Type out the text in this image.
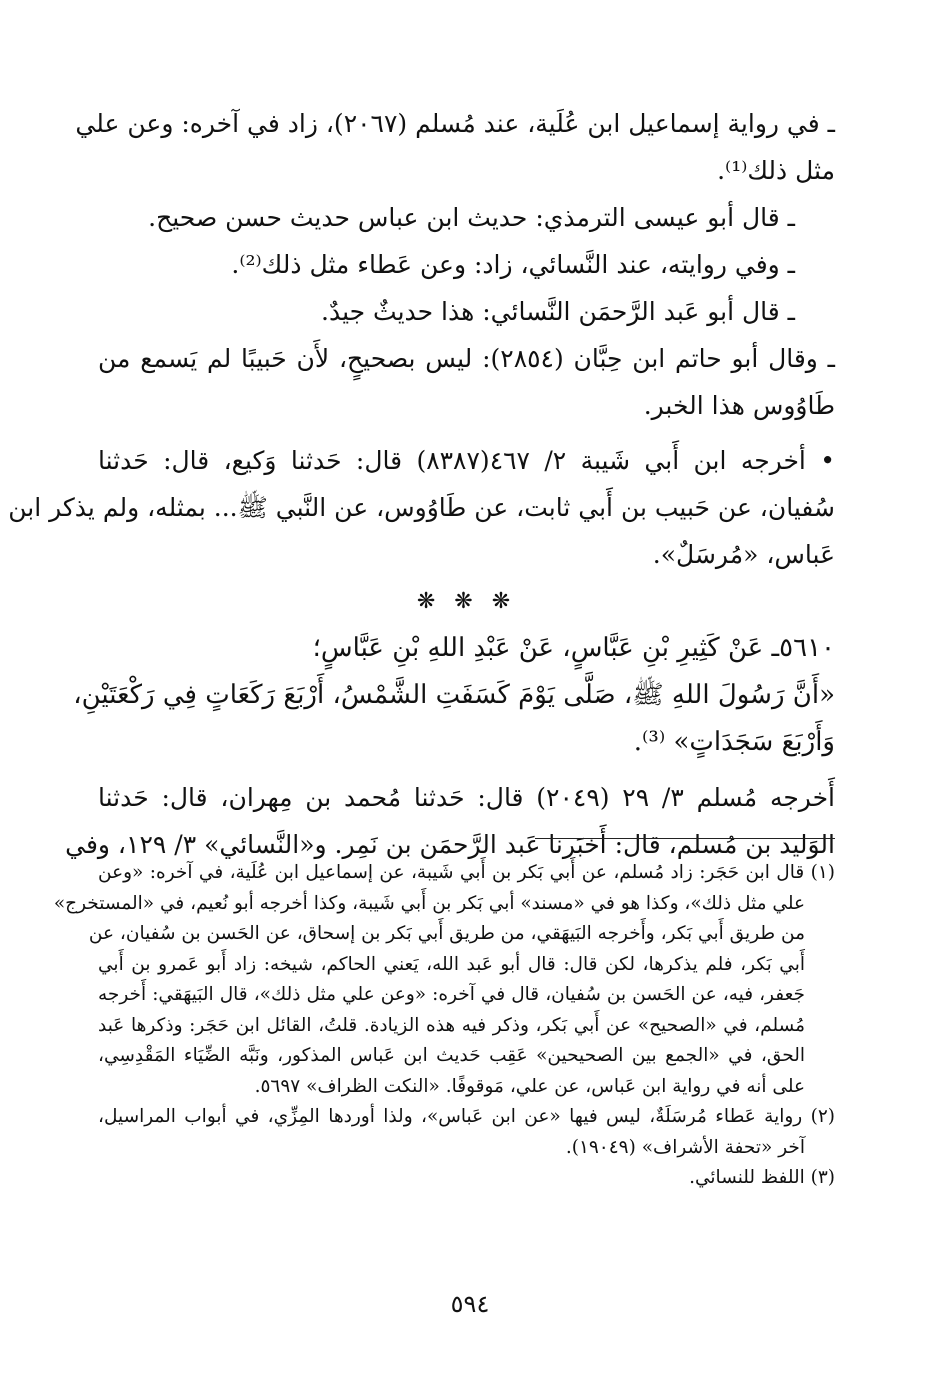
ـ في رواية إسماعيل ابن عُلَية، عند مُسلم (٢٠٦٧)، زاد في آخره: وعن علي
مثل ذلك⁽¹⁾.
ـ قال أبو عيسى الترمذي: حديث ابن عباس حديث حسن صحيح.
ـ وفي روايته، عند النَّسائي، زاد: وعن عَطاء مثل ذلك⁽²⁾.
ـ قال أبو عَبد الرَّحمَن النَّسائي: هذا حديثٌ جيدٌ.
ـ وقال أبو حاتم ابن حِبَّان (٢٨٥٤): ليس بصحيحٍ، لأَن حَبيبًا لم يَسمع من
طَاوُوس هذا الخبر.
• أخرجه ابن أَبي شَيبة ٢/ ٤٦٧(٨٣٨٧) قال: حَدثنا وَكيع، قال: حَدثنا
سُفيان، عن حَبيب بن أَبي ثابت، عن طَاوُوس، عن النَّبي ﷺ... بمثله، ولم يذكر ابن
عَباس، «مُرسَلٌ».
❋ ❋ ❋
٥٦١٠ـ عَنْ كَثِيرِ بْنِ عَبَّاسٍ، عَنْ عَبْدِ اللهِ بْنِ عَبَّاسٍ؛
«أَنَّ رَسُولَ اللهِ ﷺ، صَلَّى يَوْمَ كَسَفَتِ الشَّمْسُ، أَرْبَعَ رَكَعَاتٍ فِي رَكْعَتَيْنِ،
وَأَرْبَعَ سَجَدَاتٍ» ⁽³⁾.
أَخرجه مُسلم ٣/ ٢٩ (٢٠٤٩) قال: حَدثنا مُحمد بن مِهران، قال: حَدثنا
الوَليد بن مُسلم، قال: أَخبَرنا عَبد الرَّحمَن بن نَمِر. و«النَّسائي» ٣/ ١٢٩، وفي
(١) قال ابن حَجَر: زاد مُسلم، عن أَبي بَكر بن أَبي شَيبة، عن إسماعيل ابن عُلَية، في آخره: «وعن
علي مثل ذلك»، وكذا هو في «مسند» أبي بَكر بن أَبي شَيبة، وكذا أخرجه أبو نُعيم، في «المستخرج»
من طريق أَبي بَكر، وأَخرجه البَيهَقي، من طريق أَبي بَكر بن إسحاق، عن الحَسن بن سُفيان، عن
أَبي بَكر، فلم يذكرها، لكن قال: قال أبو عَبد الله، يَعني الحاكم، شيخه: زاد أَبو عَمرو بن أَبي
جَعفر، فيه، عن الحَسن بن سُفيان، قال في آخره: «وعن علي مثل ذلك»، قال البَيهَقي: أَخرجه
مُسلم، في «الصحيح» عن أَبي بَكر، وذكر فيه هذه الزيادة. قلتُ، القائل ابن حَجَر: وذكرها عَبد
الحق، في «الجمع بين الصحيحين» عَقِب حَديث ابن عَباس المذكور، ونَبَّه الضِّيَاء المَقْدِسِي،
على أنه في رواية ابن عَباس، عن علي، مَوقوفًا. «النكت الظراف» ٥٦٩٧.
(٢) رواية عَطاء مُرسَلَةٌ، ليس فيها «عن ابن عَباس»، ولذا أوردها المِزِّي، في أبواب المراسيل،
آخر «تحفة الأشراف» (١٩٠٤٩).
(٣) اللفظ للنسائي.
٥٩٤
